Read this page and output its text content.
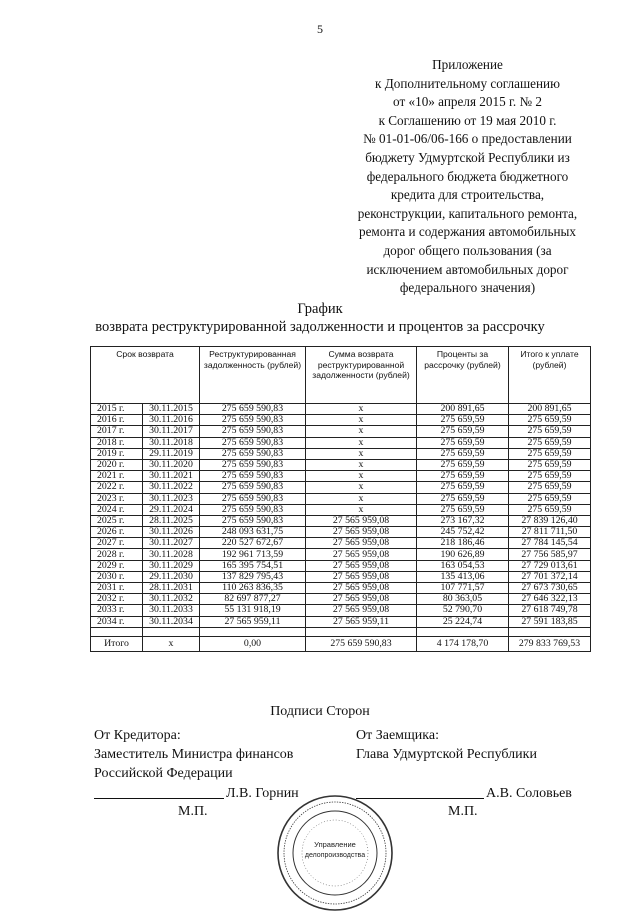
5
Приложение
к Дополнительному соглашению
от «10» апреля 2015 г. № 2
к Соглашению от 19 мая 2010 г.
№ 01-01-06/06-166 о предоставлении
бюджету Удмуртской Республики из
федерального бюджета бюджетного
кредита для строительства,
реконструкции, капитального ремонта,
ремонта и содержания автомобильных
дорог общего пользования (за
исключением автомобильных дорог
федерального значения)
График
возврата реструктурированной задолженности и процентов за рассрочку
Срок возврата		Реструктурированная задолженность (рублей)	Сумма возврата реструктурированной задолженности (рублей)	Проценты за рассрочку (рублей)	Итого к уплате (рублей)
2015 г.	30.11.2015	275 659 590,83	x	200 891,65	200 891,65
2016 г.	30.11.2016	275 659 590,83	x	275 659,59	275 659,59
2017 г.	30.11.2017	275 659 590,83	x	275 659,59	275 659,59
2018 г.	30.11.2018	275 659 590,83	x	275 659,59	275 659,59
2019 г.	29.11.2019	275 659 590,83	x	275 659,59	275 659,59
2020 г.	30.11.2020	275 659 590,83	x	275 659,59	275 659,59
2021 г.	30.11.2021	275 659 590,83	x	275 659,59	275 659,59
2022 г.	30.11.2022	275 659 590,83	x	275 659,59	275 659,59
2023 г.	30.11.2023	275 659 590,83	x	275 659,59	275 659,59
2024 г.	29.11.2024	275 659 590,83	x	275 659,59	275 659,59
2025 г.	28.11.2025	275 659 590,83	27 565 959,08	273 167,32	27 839 126,40
2026 г.	30.11.2026	248 093 631,75	27 565 959,08	245 752,42	27 811 711,50
2027 г.	30.11.2027	220 527 672,67	27 565 959,08	218 186,46	27 784 145,54
2028 г.	30.11.2028	192 961 713,59	27 565 959,08	190 626,89	27 756 585,97
2029 г.	30.11.2029	165 395 754,51	27 565 959,08	163 054,53	27 729 013,61
2030 г.	29.11.2030	137 829 795,43	27 565 959,08	135 413,06	27 701 372,14
2031 г.	28.11.2031	110 263 836,35	27 565 959,08	107 771,57	27 673 730,65
2032 г.	30.11.2032	82 697 877,27	27 565 959,08	80 363,05	27 646 322,13
2033 г.	30.11.2033	55 131 918,19	27 565 959,08	52 790,70	27 618 749,78
2034 г.	30.11.2034	27 565 959,11	27 565 959,11	25 224,74	27 591 183,85

Итого	x	0,00	275 659 590,83	4 174 178,70	279 833 769,53
Подписи Сторон
От Кредитора:
Заместитель Министра финансов
Российской Федерации
От Заемщика:
Глава Удмуртской Республики
Л.В. Горнин	А.В. Соловьев
М.П.	М.П.
Управление
делопроизводства
